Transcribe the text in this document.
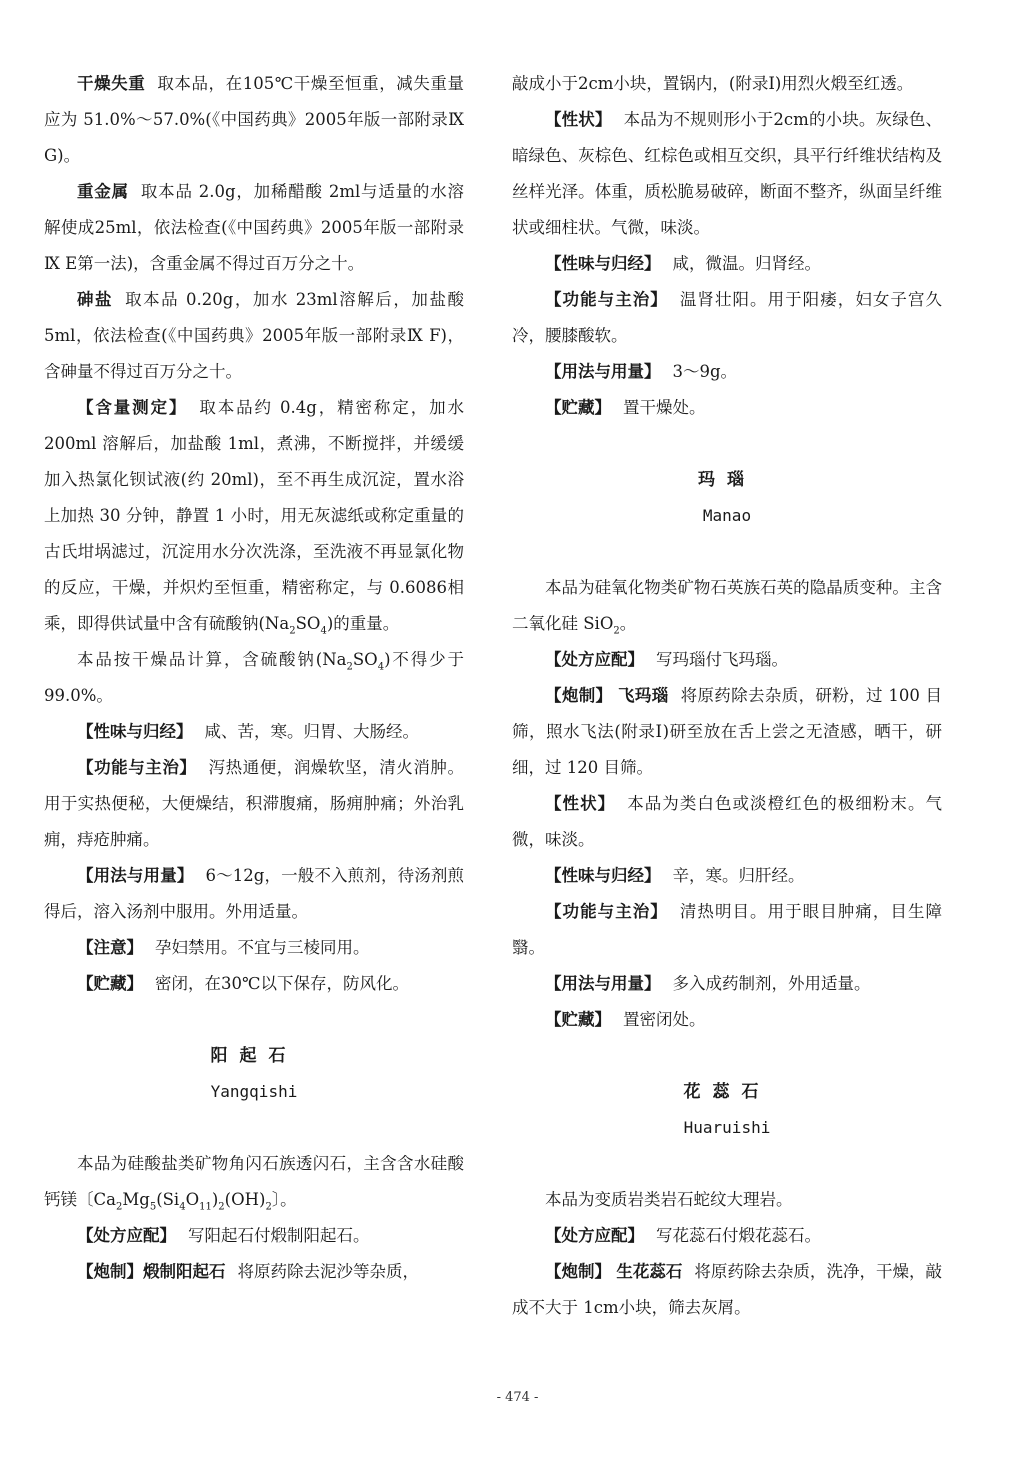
干燥失重 取本品，在105℃干燥至恒重，减失重量应为 51.0%～57.0%(《中国药典》2005年版一部附录Ⅸ G)。

重金属 取本品 2.0g，加稀醋酸 2ml与适量的水溶解使成25ml，依法检查(《中国药典》2005年版一部附录Ⅸ E第一法)，含重金属不得过百万分之十。

砷盐 取本品 0.20g，加水 23ml溶解后，加盐酸 5ml，依法检查(《中国药典》2005年版一部附录Ⅸ F)，含砷量不得过百万分之十。

【含量测定】 取本品约 0.4g，精密称定，加水 200ml 溶解后，加盐酸 1ml，煮沸，不断搅拌，并缓缓加入热氯化钡试液(约 20ml)，至不再生成沉淀，置水浴上加热 30 分钟，静置 1 小时，用无灰滤纸或称定重量的古氏坩埚滤过，沉淀用水分次洗涤，至洗液不再显氯化物的反应，干燥，并炽灼至恒重，精密称定，与 0.6086相乘，即得供试量中含有硫酸钠$(Na_2SO_4)$的重量。

本品按干燥品计算，含硫酸钠$(Na_2SO_4)$不得少于 99.0%。

【性味与归经】 咸、苦，寒。归胃、大肠经。

【功能与主治】 泻热通便，润燥软坚，清火消肿。用于实热便秘，大便燥结，积滞腹痛，肠痈肿痛；外治乳痈，痔疮肿痛。

【用法与用量】 6～12g，一般不入煎剂，待汤剂煎得后，溶入汤剂中服用。外用适量。

【注意】 孕妇禁用。不宜与三棱同用。

【贮藏】 密闭，在30℃以下保存，防风化。

阳起石

Yangqishi

本品为硅酸盐类矿物角闪石族透闪石，主含含水硅酸钙镁〔$Ca_2Mg_5(Si_4O_{11})_2(OH)_2$〕。

【处方应配】 写阳起石付煅制阳起石。

【炮制】煅制阳起石 将原药除去泥沙等杂质，

敲成小于2cm小块，置锅内，(附录Ⅰ)用烈火煅至红透。

【性状】 本品为不规则形小于2cm的小块。灰绿色、暗绿色、灰棕色、红棕色或相互交织，具平行纤维状结构及丝样光泽。体重，质松脆易破碎，断面不整齐，纵面呈纤维状或细柱状。气微，味淡。

【性味与归经】 咸，微温。归肾经。

【功能与主治】 温肾壮阳。用于阳痿，妇女子宫久冷，腰膝酸软。

【用法与用量】 3～9g。

【贮藏】 置干燥处。

玛瑙

Manao

本品为硅氧化物类矿物石英族石英的隐晶质变种。主含二氧化硅 SiO$_2$。

【处方应配】 写玛瑙付飞玛瑙。

【炮制】 飞玛瑙 将原药除去杂质，研粉，过 100 目筛，照水飞法(附录Ⅰ)研至放在舌上尝之无渣感，晒干，研细，过 120 目筛。

【性状】 本品为类白色或淡橙红色的极细粉末。气微，味淡。

【性味与归经】 辛，寒。归肝经。

【功能与主治】 清热明目。用于眼目肿痛，目生障翳。

【用法与用量】 多入成药制剂，外用适量。

【贮藏】 置密闭处。

花蕊石

Huaruishi

本品为变质岩类岩石蛇纹大理岩。

【处方应配】 写花蕊石付煅花蕊石。

【炮制】 生花蕊石 将原药除去杂质，洗净，干燥，敲成不大于 1cm小块，筛去灰屑。

- 474 -
